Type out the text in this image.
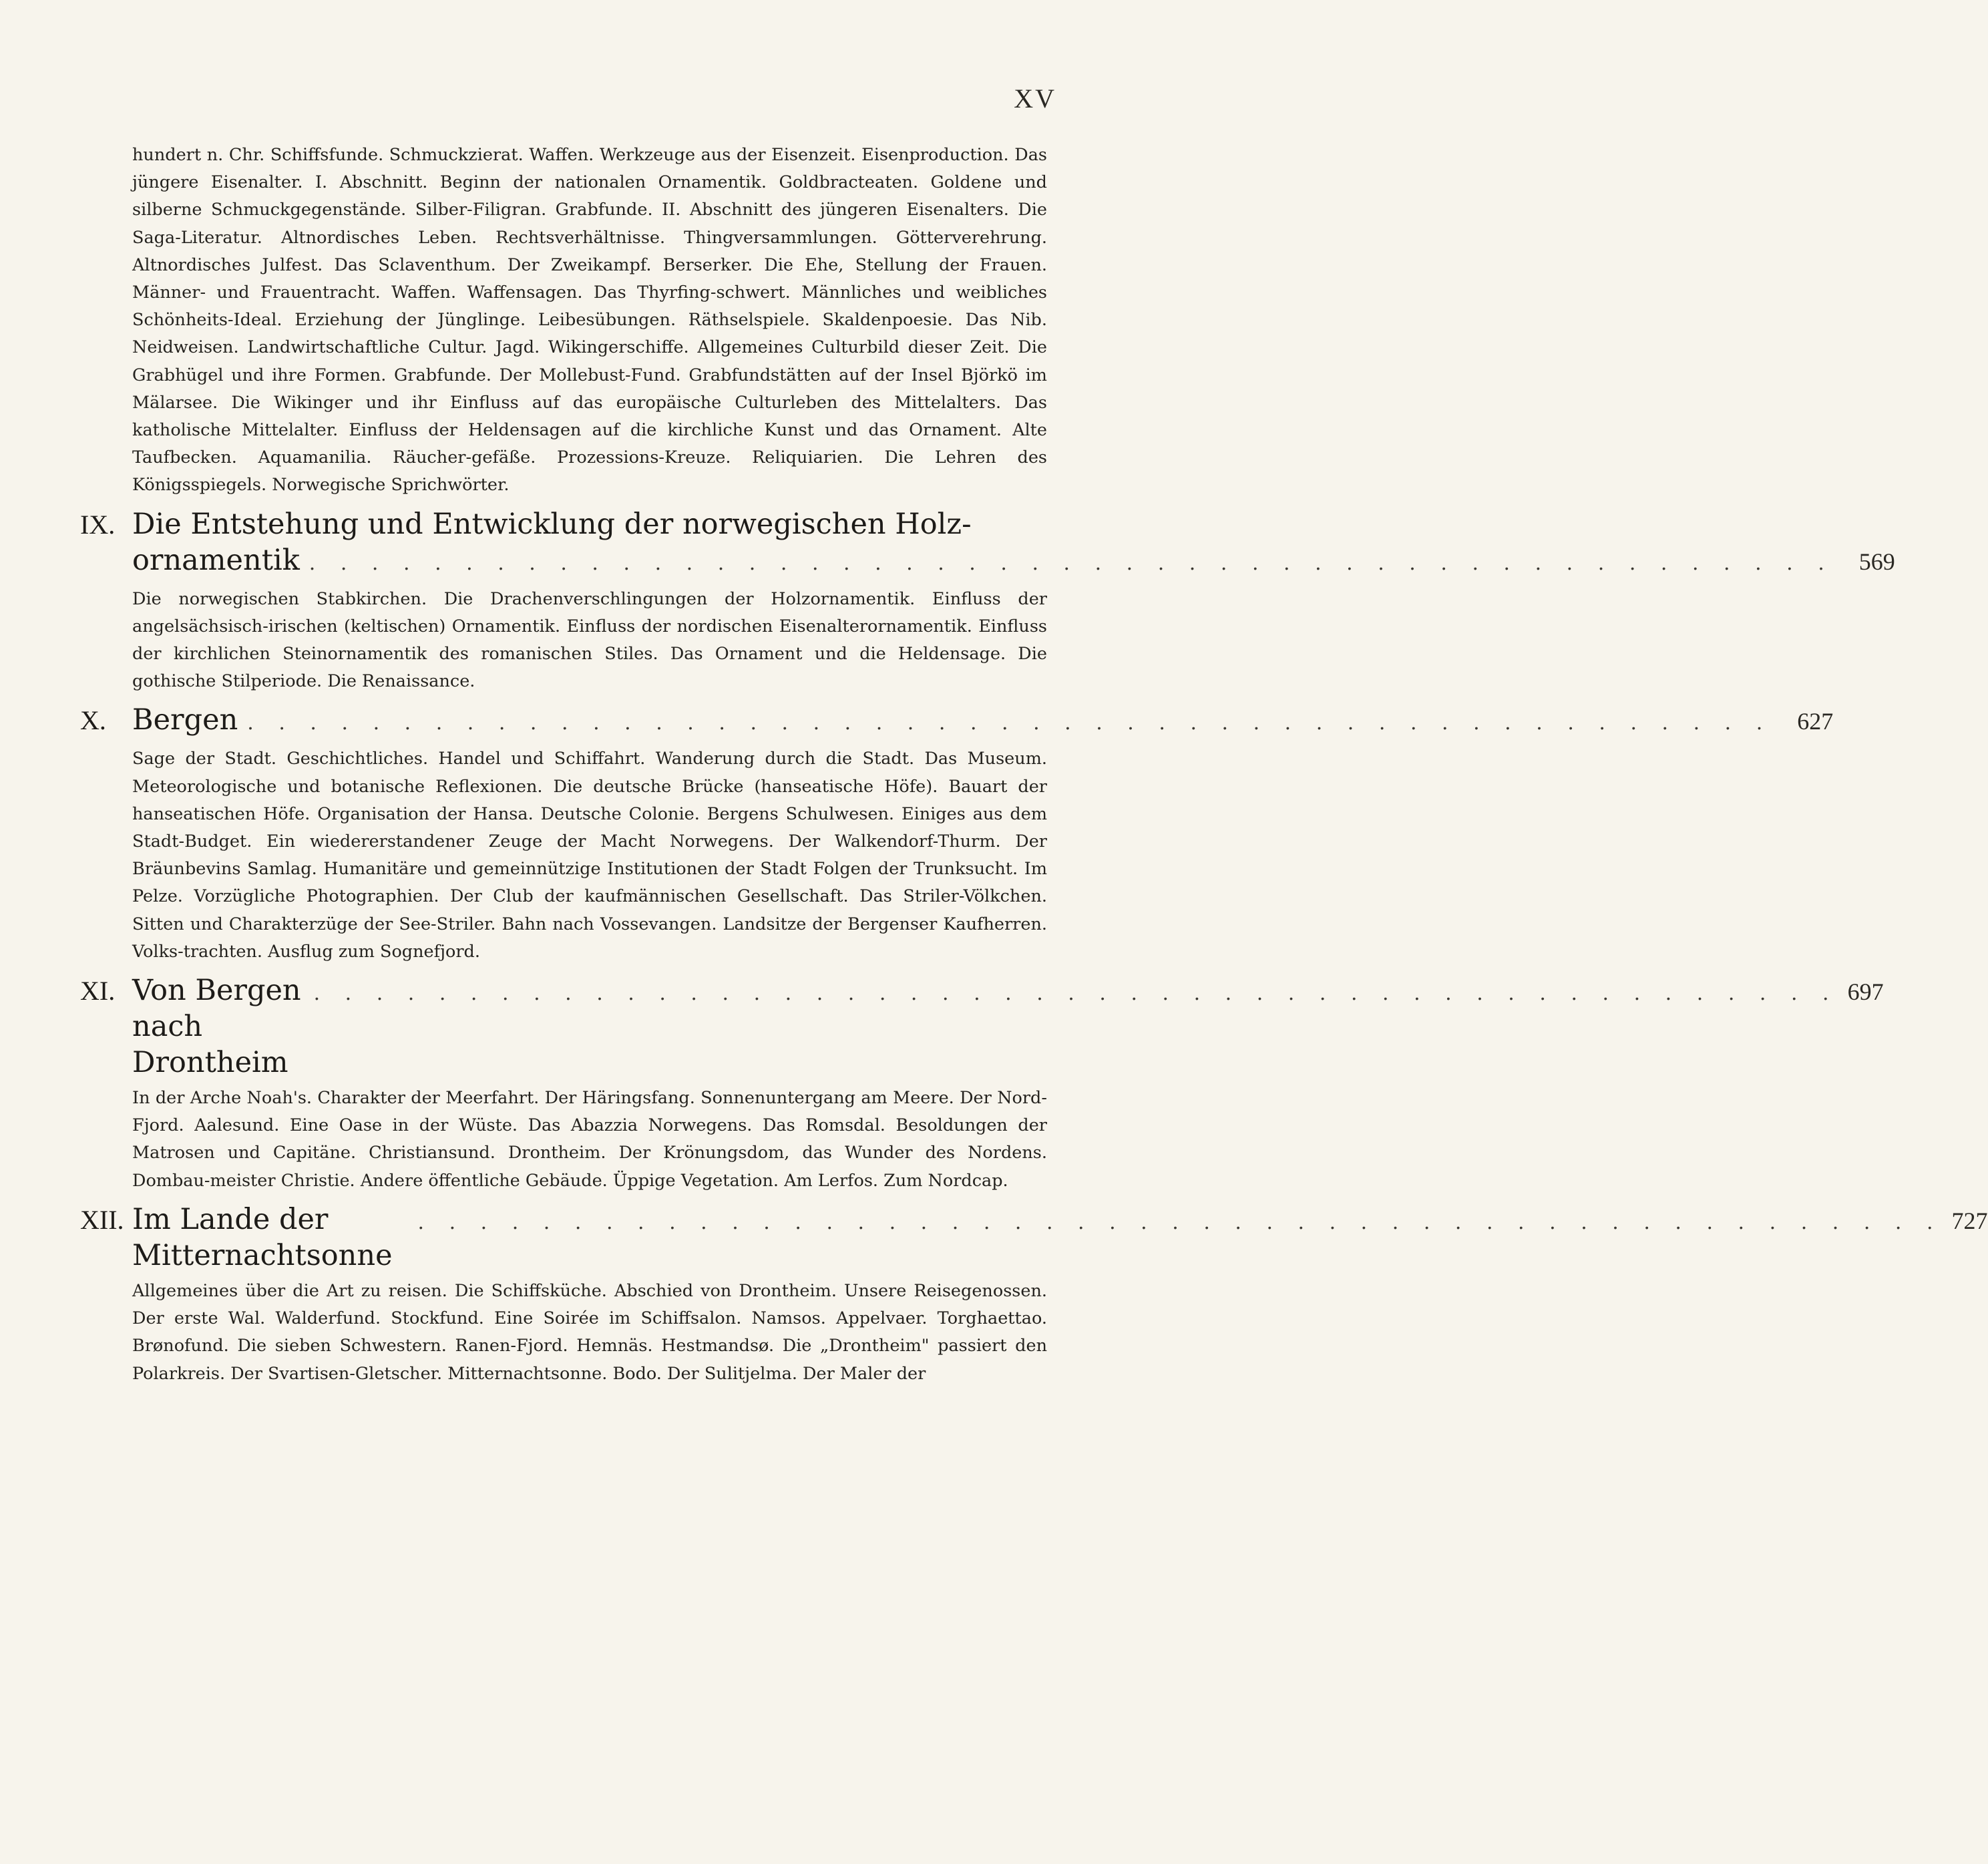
XV

hundert n. Chr. Schiffsfunde. Schmuckzierat. Waffen. Werkzeuge aus der Eisenzeit. Eisenproduction. Das jüngere Eisenalter. I. Abschnitt. Beginn der nationalen Ornamentik. Goldbracteaten. Goldene und silberne Schmuckgegenstände. Silber-Filigran. Grabfunde. II. Abschnitt des jüngeren Eisenalters. Die Saga-Literatur. Altnordisches Leben. Rechtsverhältnisse. Thingversammlungen. Götterverehrung. Altnordisches Julfest. Das Sclaventhum. Der Zweikampf. Berserker. Die Ehe, Stellung der Frauen. Männer- und Frauentracht. Waffen. Waffensagen. Das Thyrfing-schwert. Männliches und weibliches Schönheits-Ideal. Erziehung der Jünglinge. Leibesübungen. Räthselspiele. Skaldenpoesie. Das Nib. Neidweisen. Landwirtschaftliche Cultur. Jagd. Wikingerschiffe. Allgemeines Culturbild dieser Zeit. Die Grabhügel und ihre Formen. Grabfunde. Der Mollebust-Fund. Grabfundstätten auf der Insel Björkö im Mälarsee. Die Wikinger und ihr Einfluss auf das europäische Culturleben des Mittelalters. Das katholische Mittelalter. Einfluss der Heldensagen auf die kirchliche Kunst und das Ornament. Alte Taufbecken. Aquamanilia. Räucher-gefäße. Prozessions-Kreuze. Reliquiarien. Die Lehren des Königsspiegels. Norwegische Sprichwörter.

IX. Die Entstehung und Entwicklung der norwegischen Holz-
ornamentik . . .	569

Die norwegischen Stabkirchen. Die Drachenverschlingungen der Holzornamentik. Einfluss der angelsächsisch-irischen (keltischen) Ornamentik. Einfluss der nordischen Eisenalterornamentik. Einfluss der kirchlichen Steinornamentik des romanischen Stiles. Das Ornament und die Heldensage. Die gothische Stilperiode. Die Renaissance.

X. Bergen . . .	627

Sage der Stadt. Geschichtliches. Handel und Schiffahrt. Wanderung durch die Stadt. Das Museum. Meteorologische und botanische Reflexionen. Die deutsche Brücke (hanseatische Höfe). Bauart der hanseatischen Höfe. Organisation der Hansa. Deutsche Colonie. Bergens Schulwesen. Einiges aus dem Stadt-Budget. Ein wiedererstandener Zeuge der Macht Norwegens. Der Walkendorf-Thurm. Der Bräunbevins Samlag. Humanitäre und gemeinnützige Institutionen der Stadt Folgen der Trunksucht. Im Pelze. Vorzügliche Photographien. Der Club der kaufmännischen Gesellschaft. Das Striler-Völkchen. Sitten und Charakterzüge der See-Striler. Bahn nach Vossevangen. Landsitze der Bergenser Kaufherren. Volks-trachten. Ausflug zum Sognefjord.

XI. Von Bergen nach Drontheim
. . .
697

In der Arche Noah's. Charakter der Meerfahrt. Der Häringsfang. Sonnenuntergang am Meere. Der Nord-Fjord. Aalesund. Eine Oase in der Wüste. Das Abazzia Norwegens. Das Romsdal. Besoldungen der Matrosen und Capitäne. Christiansund. Drontheim. Der Krönungsdom, das Wunder des Nordens. Dombau-meister Christie. Andere öffentliche Gebäude. Üppige Vegetation. Am Lerfos. Zum Nordcap.

XII. Im Lande der Mitternachtsonne
. . .
727

Allgemeines über die Art zu reisen. Die Schiffsküche. Abschied von Drontheim. Unsere Reisegenossen. Der erste Wal. Walderfund. Stockfund. Eine Soirée im Schiffsalon. Namsos. Appelvaer. Torghaettao. Brønofund. Die sieben Schwestern. Ranen-Fjord. Hemnäs. Hestmandsø. Die „Drontheim" passiert den Polarkreis. Der Svartisen-Gletscher. Mitternachtsonne. Bodo. Der Sulitjelma. Der Maler der
